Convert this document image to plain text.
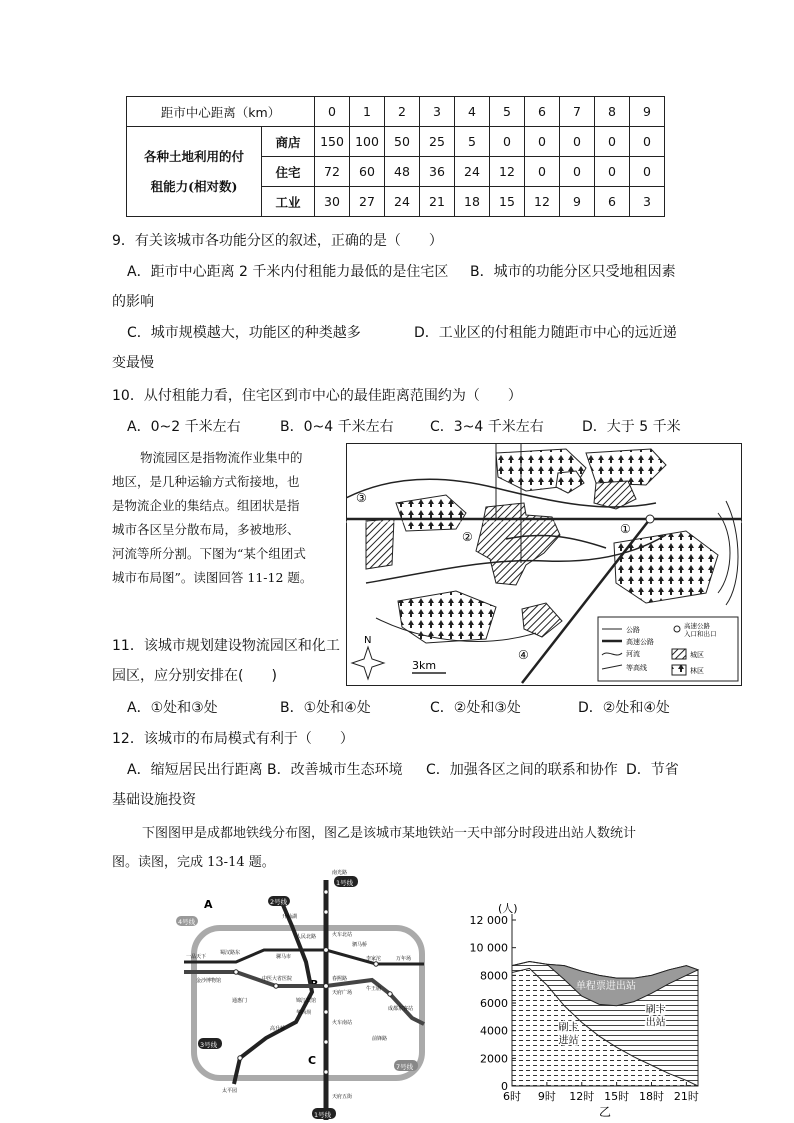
距市中心距离（km）		0	1	2	3	4	5	6	7	8	9

各种土地利用的付
租能力(相对数)	商店	150	100	50	25	5	0	0	0	0	0
	住宅	72	60	48	36	24	12	0	0	0	0
	工业	30	27	24	21	18	15	12	9	6	3
9．有关该城市各功能分区的叙述，正确的是（　　）
A．距市中心距离 2 千米内付租能力最低的是住宅区 B．城市的功能分区只受地租因素
的影响
C．城市规模越大，功能区的种类越多	D．工业区的付租能力随距市中心的远近递
变最慢
10．从付租能力看，住宅区到市中心的最佳距离范围约为（　　）
A．0~2 千米左右	B．0~4 千米左右	C．3~4 千米左右	D．大于 5 千米
物流园区是指物流作业集中的
地区，是几种运输方式衔接地，也
是物流企业的集结点。组团状是指
城市各区呈分散布局，多被地形、
河流等所分割。下图为“某个组团式
城市布局图”。读图回答 11-12 题。
①
②
③
④
N
3km
公路
高速公路
河流
等高线
高速公路入口和出口
城区
林区
11．该城市规划建设物流园区和化工
园区，应分别安排在(　　)
A．①处和③处	B．①处和④处	C．②处和③处	D．②处和④处
12．该城市的布局模式有利于（　　）
A．缩短居民出行距离 B．改善城市生态环境 C．加强各区之间的联系和协作 D．节省
基础设施投资
下图图甲是成都地铁线分布图，图乙是该城市某地铁站一天中部分时段进出站人数统计
图。读图，完成 13-14 题。
A
B
C
4号线
2号线
1号线
3号线
7号线
1号线
南光路
升仙湖
人民北路	火车北站
一品天下
蜀汉路东
金沙博物馆	中医大省医院
骡马市
春熙路
天府广场
锦江宾馆
华西坝
高升桥
火车南站
天府五街
太平园
牛王庙
通惠门
成都东客站
万年场
驷马桥
李家沱
前锋路
(人)
单程票进出站
刷卡进站
刷卡出站
0
2000
4000
6000
8000
10 000
12 000
6时 9时 12时 15时 18时 21时
乙
